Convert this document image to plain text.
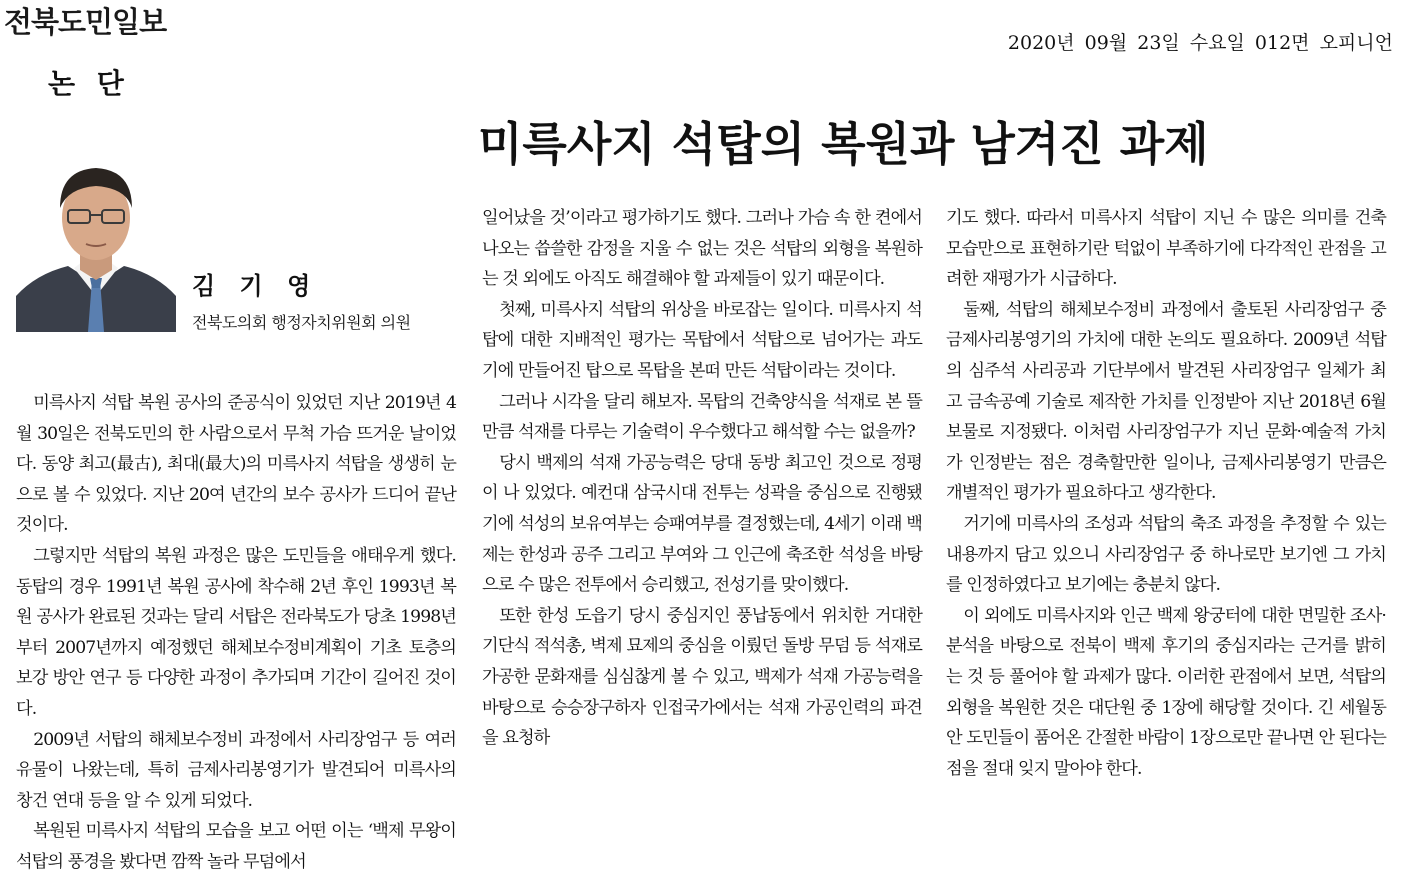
전북도민일보
2020년 09월 23일 수요일 012면 오피니언
논 단
미륵사지 석탑의 복원과 남겨진 과제
김 기 영
전북도의회 행정자치위원회 의원

미륵사지 석탑 복원 공사의 준공식이 있었던 지난 2019년 4월 30일은 전북도민의 한 사람으로서 무척 가슴 뜨거운 날이었다. 동양 최고(最古), 최대(最大)의 미륵사지 석탑을 생생히 눈으로 볼 수 있었다. 지난 20여 년간의 보수 공사가 드디어 끝난 것이다.

그렇지만 석탑의 복원 과정은 많은 도민들을 애태우게 했다. 동탑의 경우 1991년 복원 공사에 착수해 2년 후인 1993년 복원 공사가 완료된 것과는 달리 서탑은 전라북도가 당초 1998년부터 2007년까지 예정했던 해체보수정비계획이 기초 토층의 보강 방안 연구 등 다양한 과정이 추가되며 기간이 길어진 것이다.

2009년 서탑의 해체보수정비 과정에서 사리장엄구 등 여러 유물이 나왔는데, 특히 금제사리봉영기가 발견되어 미륵사의 창건 연대 등을 알 수 있게 되었다.

복원된 미륵사지 석탑의 모습을 보고 어떤 이는 ‘백제 무왕이 석탑의 풍경을 봤다면 깜짝 놀라 무덤에서

일어났을 것’이라고 평가하기도 했다. 그러나 가슴 속 한 켠에서 나오는 씁쓸한 감정을 지울 수 없는 것은 석탑의 외형을 복원하는 것 외에도 아직도 해결해야 할 과제들이 있기 때문이다.

첫째, 미륵사지 석탑의 위상을 바로잡는 일이다. 미륵사지 석탑에 대한 지배적인 평가는 목탑에서 석탑으로 넘어가는 과도기에 만들어진 탑으로 목탑을 본떠 만든 석탑이라는 것이다.

그러나 시각을 달리 해보자. 목탑의 건축양식을 석재로 본 뜰만큼 석재를 다루는 기술력이 우수했다고 해석할 수는 없을까?

당시 백제의 석재 가공능력은 당대 동방 최고인 것으로 정평이 나 있었다. 예컨대 삼국시대 전투는 성곽을 중심으로 진행됐기에 석성의 보유여부는 승패여부를 결정했는데, 4세기 이래 백제는 한성과 공주 그리고 부여와 그 인근에 축조한 석성을 바탕으로 수 많은 전투에서 승리했고, 전성기를 맞이했다.

또한 한성 도읍기 당시 중심지인 풍납동에서 위치한 거대한 기단식 적석총, 벽제 묘제의 중심을 이뤘던 돌방 무덤 등 석재로 가공한 문화재를 심심찮게 볼 수 있고, 백제가 석재 가공능력을 바탕으로 승승장구하자 인접국가에서는 석재 가공인력의 파견을 요청하

기도 했다. 따라서 미륵사지 석탑이 지닌 수 많은 의미를 건축 모습만으로 표현하기란 턱없이 부족하기에 다각적인 관점을 고려한 재평가가 시급하다.

둘째, 석탑의 해체보수정비 과정에서 출토된 사리장엄구 중 금제사리봉영기의 가치에 대한 논의도 필요하다. 2009년 석탑의 심주석 사리공과 기단부에서 발견된 사리장엄구 일체가 최고 금속공예 기술로 제작한 가치를 인정받아 지난 2018년 6월 보물로 지정됐다. 이처럼 사리장엄구가 지닌 문화·예술적 가치가 인정받는 점은 경축할만한 일이나, 금제사리봉영기 만큼은 개별적인 평가가 필요하다고 생각한다.

거기에 미륵사의 조성과 석탑의 축조 과정을 추정할 수 있는 내용까지 담고 있으니 사리장엄구 중 하나로만 보기엔 그 가치를 인정하였다고 보기에는 충분치 않다.

이 외에도 미륵사지와 인근 백제 왕궁터에 대한 면밀한 조사·분석을 바탕으로 전북이 백제 후기의 중심지라는 근거를 밝히는 것 등 풀어야 할 과제가 많다. 이러한 관점에서 보면, 석탑의 외형을 복원한 것은 대단원 중 1장에 해당할 것이다. 긴 세월동안 도민들이 품어온 간절한 바람이 1장으로만 끝나면 안 된다는 점을 절대 잊지 말아야 한다.
